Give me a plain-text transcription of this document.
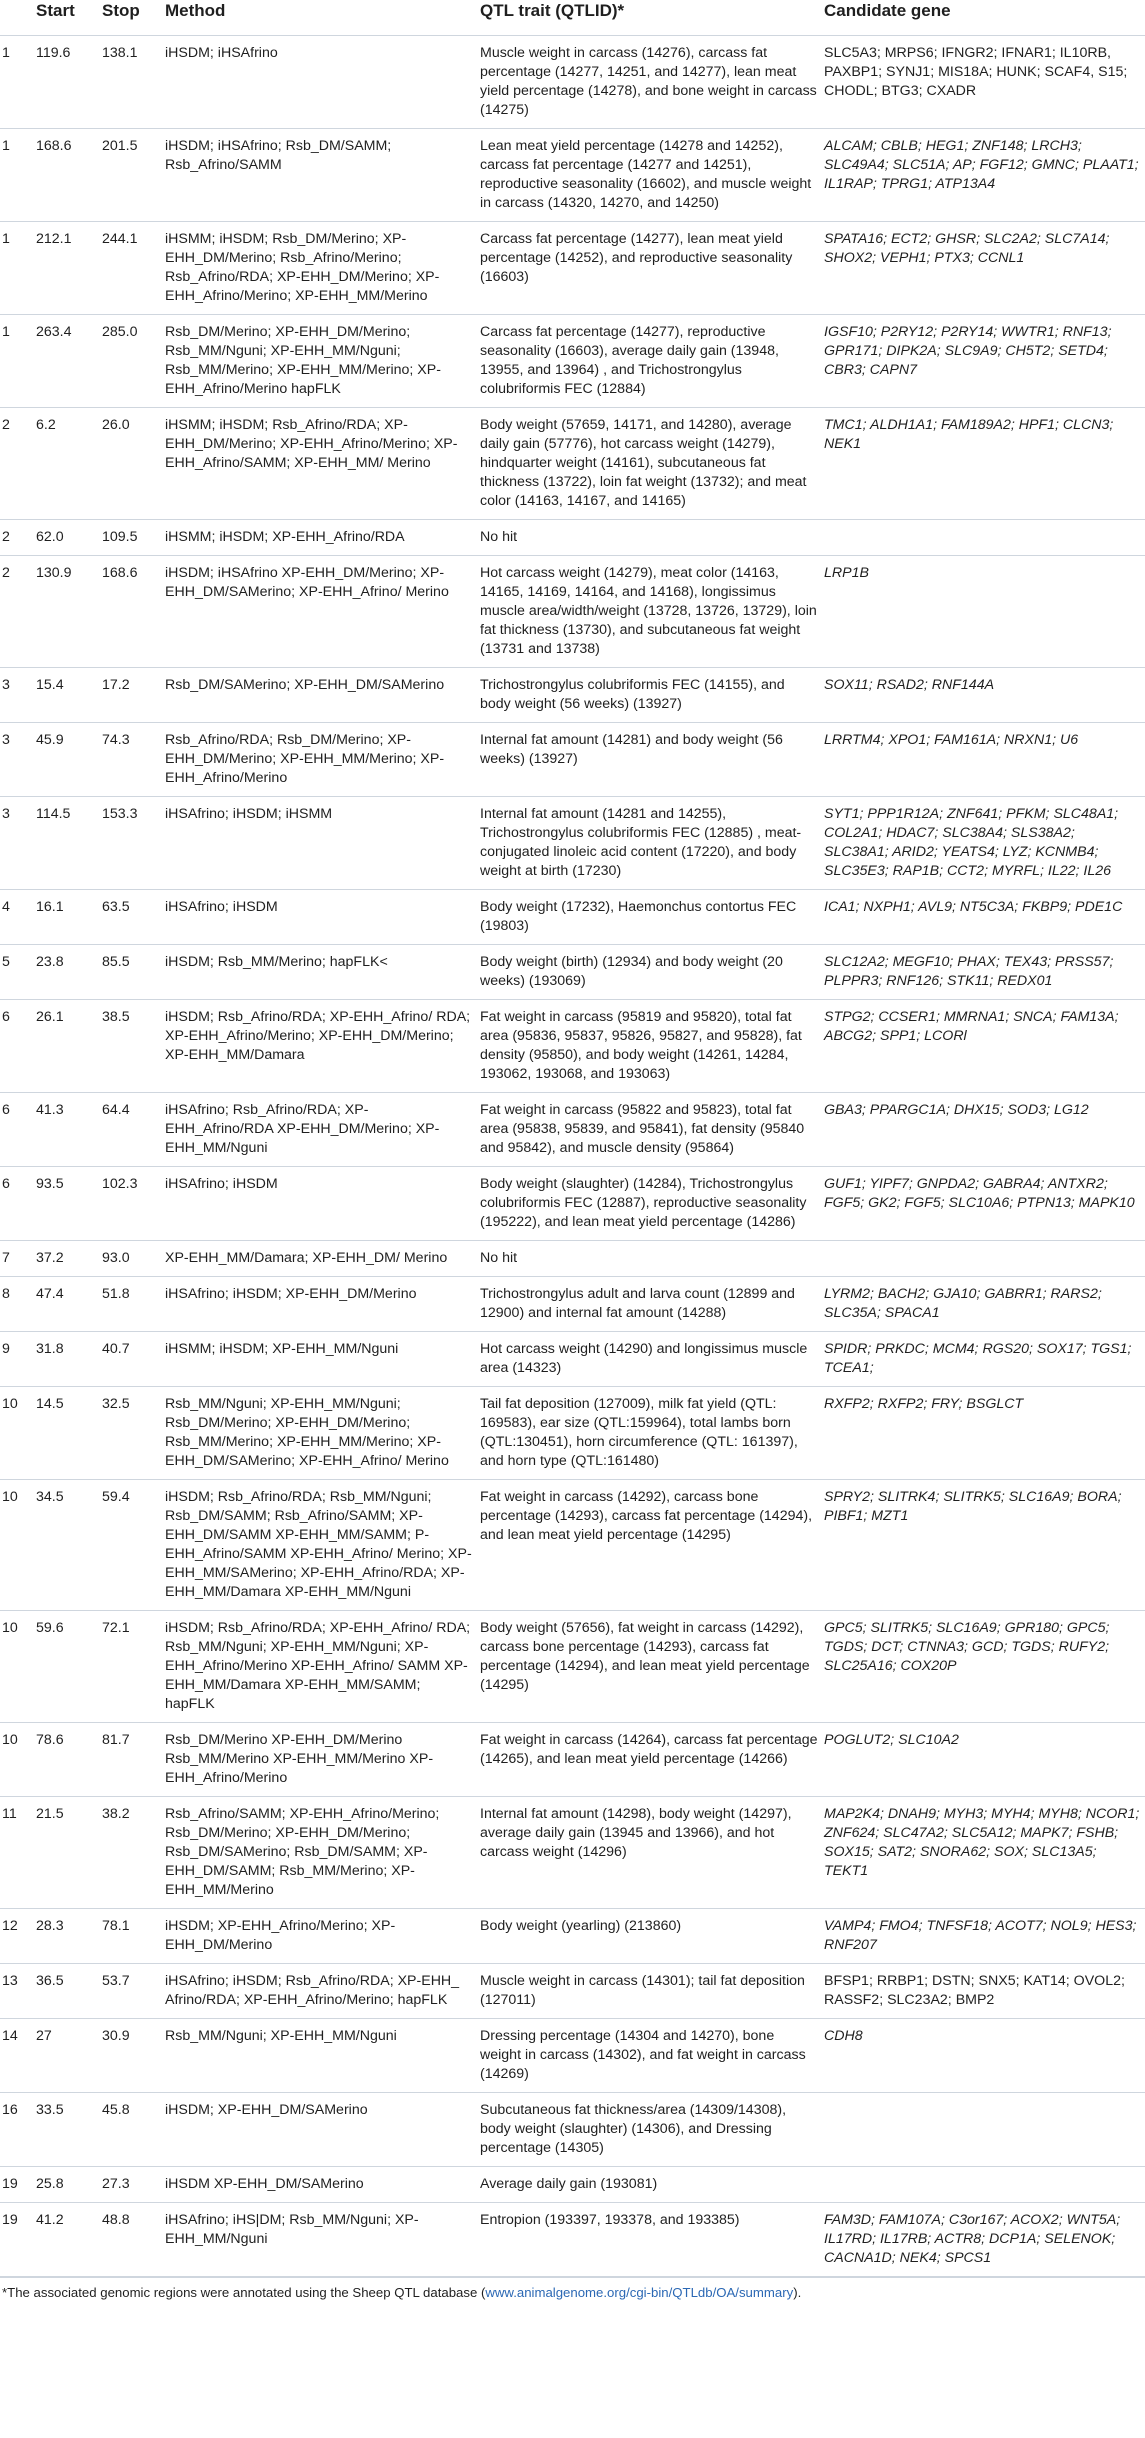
	Start	Stop	Method	QTL trait (QTLID)*	Candidate gene
1	119.6	138.1	iHSDM; iHSAfrino	Muscle weight in carcass (14276), carcass fat percentage (14277, 14251, and 14277), lean meat yield percentage (14278), and bone weight in carcass (14275)	SLC5A3; MRPS6; IFNGR2; IFNAR1; IL10RB, PAXBP1; SYNJ1; MIS18A; HUNK; SCAF4, S15; CHODL; BTG3; CXADR
1	168.6	201.5	iHSDM; iHSAfrino; Rsb_DM/SAMM; Rsb_Afrino/SAMM	Lean meat yield percentage (14278 and 14252), carcass fat percentage (14277 and 14251), reproductive seasonality (16602), and muscle weight in carcass (14320, 14270, and 14250)	ALCAM; CBLB; HEG1; ZNF148; LRCH3; SLC49A4; SLC51A; AP; FGF12; GMNC; PLAAT1; IL1RAP; TPRG1; ATP13A4
1	212.1	244.1	iHSMM; iHSDM; Rsb_DM/Merino; XP-EHH_DM/Merino; Rsb_Afrino/Merino; Rsb_Afrino/RDA; XP-EHH_DM/Merino; XP-EHH_Afrino/Merino; XP-EHH_MM/Merino	Carcass fat percentage (14277), lean meat yield percentage (14252), and reproductive seasonality (16603)	SPATA16; ECT2; GHSR; SLC2A2; SLC7A14; SHOX2; VEPH1; PTX3; CCNL1
1	263.4	285.0	Rsb_DM/Merino; XP-EHH_DM/Merino; Rsb_MM/Nguni; XP-EHH_MM/Nguni; Rsb_MM/Merino; XP-EHH_MM/Merino; XP-EHH_Afrino/Merino hapFLK	Carcass fat percentage (14277), reproductive seasonality (16603), average daily gain (13948, 13955, and 13964) , and Trichostrongylus colubriformis FEC (12884)	IGSF10; P2RY12; P2RY14; WWTR1; RNF13; GPR171; DIPK2A; SLC9A9; CH5T2; SETD4; CBR3; CAPN7
2	6.2	26.0	iHSMM; iHSDM; Rsb_Afrino/RDA; XP-EHH_DM/Merino; XP-EHH_Afrino/Merino; XP-EHH_Afrino/SAMM; XP-EHH_MM/ Merino	Body weight (57659, 14171, and 14280), average daily gain (57776), hot carcass weight (14279), hindquarter weight (14161), subcutaneous fat thickness (13722), loin fat weight (13732); and meat color (14163, 14167, and 14165)	TMC1; ALDH1A1; FAM189A2; HPF1; CLCN3; NEK1
2	62.0	109.5	iHSMM; iHSDM; XP-EHH_Afrino/RDA	No hit	
2	130.9	168.6	iHSDM; iHSAfrino XP-EHH_DM/Merino; XP-EHH_DM/SAMerino; XP-EHH_Afrino/ Merino	Hot carcass weight (14279), meat color (14163, 14165, 14169, 14164, and 14168), longissimus muscle area/width/weight (13728, 13726, 13729), loin fat thickness (13730), and subcutaneous fat weight (13731 and 13738)	LRP1B
3	15.4	17.2	Rsb_DM/SAMerino; XP-EHH_DM/SAMerino	Trichostrongylus colubriformis FEC (14155), and body weight (56 weeks) (13927)	SOX11; RSAD2; RNF144A
3	45.9	74.3	Rsb_Afrino/RDA; Rsb_DM/Merino; XP-EHH_DM/Merino; XP-EHH_MM/Merino; XP-EHH_Afrino/Merino	Internal fat amount (14281) and body weight (56 weeks) (13927)	LRRTM4; XPO1; FAM161A; NRXN1; U6
3	114.5	153.3	iHSAfrino; iHSDM; iHSMM	Internal fat amount (14281 and 14255), Trichostrongylus colubriformis FEC (12885) , meat-conjugated linoleic acid content (17220), and body weight at birth (17230)	SYT1; PPP1R12A; ZNF641; PFKM; SLC48A1; COL2A1; HDAC7; SLC38A4; SLS38A2; SLC38A1; ARID2; YEATS4; LYZ; KCNMB4; SLC35E3; RAP1B; CCT2; MYRFL; IL22; IL26
4	16.1	63.5	iHSAfrino; iHSDM	Body weight (17232), Haemonchus contortus FEC (19803)	ICA1; NXPH1; AVL9; NT5C3A; FKBP9; PDE1C
5	23.8	85.5	iHSDM; Rsb_MM/Merino; hapFLK<	Body weight (birth) (12934) and body weight (20 weeks) (193069)	SLC12A2; MEGF10; PHAX; TEX43; PRSS57; PLPPR3; RNF126; STK11; REDX01
6	26.1	38.5	iHSDM; Rsb_Afrino/RDA; XP-EHH_Afrino/ RDA; XP-EHH_Afrino/Merino; XP-EHH_DM/Merino; XP-EHH_MM/Damara	Fat weight in carcass (95819 and 95820), total fat area (95836, 95837, 95826, 95827, and 95828), fat density (95850), and body weight (14261, 14284, 193062, 193068, and 193063)	STPG2; CCSER1; MMRNA1; SNCA; FAM13A; ABCG2; SPP1; LCORl
6	41.3	64.4	iHSAfrino; Rsb_Afrino/RDA; XP-EHH_Afrino/RDA XP-EHH_DM/Merino; XP-EHH_MM/Nguni	Fat weight in carcass (95822 and 95823), total fat area (95838, 95839, and 95841), fat density (95840 and 95842), and muscle density (95864)	GBA3; PPARGC1A; DHX15; SOD3; LG12
6	93.5	102.3	iHSAfrino; iHSDM	Body weight (slaughter) (14284), Trichostrongylus colubriformis FEC (12887), reproductive seasonality (195222), and lean meat yield percentage (14286)	GUF1; YIPF7; GNPDA2; GABRA4; ANTXR2; FGF5; GK2; FGF5; SLC10A6; PTPN13; MAPK10
7	37.2	93.0	XP-EHH_MM/Damara; XP-EHH_DM/ Merino	No hit	
8	47.4	51.8	iHSAfrino; iHSDM; XP-EHH_DM/Merino	Trichostrongylus adult and larva count (12899 and 12900) and internal fat amount (14288)	LYRM2; BACH2; GJA10; GABRR1; RARS2; SLC35A; SPACA1
9	31.8	40.7	iHSMM; iHSDM; XP-EHH_MM/Nguni	Hot carcass weight (14290) and longissimus muscle area (14323)	SPIDR; PRKDC; MCM4; RGS20; SOX17; TGS1; TCEA1;
10	14.5	32.5	Rsb_MM/Nguni; XP-EHH_MM/Nguni; Rsb_DM/Merino; XP-EHH_DM/Merino; Rsb_MM/Merino; XP-EHH_MM/Merino; XP-EHH_DM/SAMerino; XP-EHH_Afrino/ Merino	Tail fat deposition (127009), milk fat yield (QTL: 169583), ear size (QTL:159964), total lambs born (QTL:130451), horn circumference (QTL: 161397), and horn type (QTL:161480)	RXFP2; RXFP2; FRY; BSGLCT
10	34.5	59.4	iHSDM; Rsb_Afrino/RDA; Rsb_MM/Nguni; Rsb_DM/SAMM; Rsb_Afrino/SAMM; XP-EHH_DM/SAMM XP-EHH_MM/SAMM; P-EHH_Afrino/SAMM XP-EHH_Afrino/ Merino; XP-EHH_MM/SAMerino; XP-EHH_Afrino/RDA; XP-EHH_MM/Damara XP-EHH_MM/Nguni	Fat weight in carcass (14292), carcass bone percentage (14293), carcass fat percentage (14294), and lean meat yield percentage (14295)	SPRY2; SLITRK4; SLITRK5; SLC16A9; BORA; PIBF1; MZT1
10	59.6	72.1	iHSDM; Rsb_Afrino/RDA; XP-EHH_Afrino/ RDA; Rsb_MM/Nguni; XP-EHH_MM/Nguni; XP-EHH_Afrino/Merino XP-EHH_Afrino/ SAMM XP-EHH_MM/Damara XP-EHH_MM/SAMM; hapFLK	Body weight (57656), fat weight in carcass (14292), carcass bone percentage (14293), carcass fat percentage (14294), and lean meat yield percentage (14295)	GPC5; SLITRK5; SLC16A9; GPR180; GPC5; TGDS; DCT; CTNNA3; GCD; TGDS; RUFY2; SLC25A16; COX20P
10	78.6	81.7	Rsb_DM/Merino XP-EHH_DM/Merino Rsb_MM/Merino XP-EHH_MM/Merino XP-EHH_Afrino/Merino	Fat weight in carcass (14264), carcass fat percentage (14265), and lean meat yield percentage (14266)	POGLUT2; SLC10A2
11	21.5	38.2	Rsb_Afrino/SAMM; XP-EHH_Afrino/Merino; Rsb_DM/Merino; XP-EHH_DM/Merino; Rsb_DM/SAMerino; Rsb_DM/SAMM; XP-EHH_DM/SAMM; Rsb_MM/Merino; XP-EHH_MM/Merino	Internal fat amount (14298), body weight (14297), average daily gain (13945 and 13966), and hot carcass weight (14296)	MAP2K4; DNAH9; MYH3; MYH4; MYH8; NCOR1; ZNF624; SLC47A2; SLC5A12; MAPK7; FSHB; SOX15; SAT2; SNORA62; SOX; SLC13A5; TEKT1
12	28.3	78.1	iHSDM; XP-EHH_Afrino/Merino; XP-EHH_DM/Merino	Body weight (yearling) (213860)	VAMP4; FMO4; TNFSF18; ACOT7; NOL9; HES3; RNF207
13	36.5	53.7	iHSAfrino; iHSDM; Rsb_Afrino/RDA; XP-EHH_ Afrino/RDA; XP-EHH_Afrino/Merino; hapFLK	Muscle weight in carcass (14301); tail fat deposition (127011)	BFSP1; RRBP1; DSTN; SNX5; KAT14; OVOL2; RASSF2; SLC23A2; BMP2
14	27	30.9	Rsb_MM/Nguni; XP-EHH_MM/Nguni	Dressing percentage (14304 and 14270), bone weight in carcass (14302), and fat weight in carcass (14269)	CDH8
16	33.5	45.8	iHSDM; XP-EHH_DM/SAMerino	Subcutaneous fat thickness/area (14309/14308), body weight (slaughter) (14306), and Dressing percentage (14305)	
19	25.8	27.3	iHSDM XP-EHH_DM/SAMerino	Average daily gain (193081)	
19	41.2	48.8	iHSAfrino; iHS|DM; Rsb_MM/Nguni; XP-EHH_MM/Nguni	Entropion (193397, 193378, and 193385)	FAM3D; FAM107A; C3or167; ACOX2; WNT5A; IL17RD; IL17RB; ACTR8; DCP1A; SELENOK; CACNA1D; NEK4; SPCS1
*The associated genomic regions were annotated using the Sheep QTL database (www.animalgenome.org/cgi-bin/QTLdb/OA/summary).
